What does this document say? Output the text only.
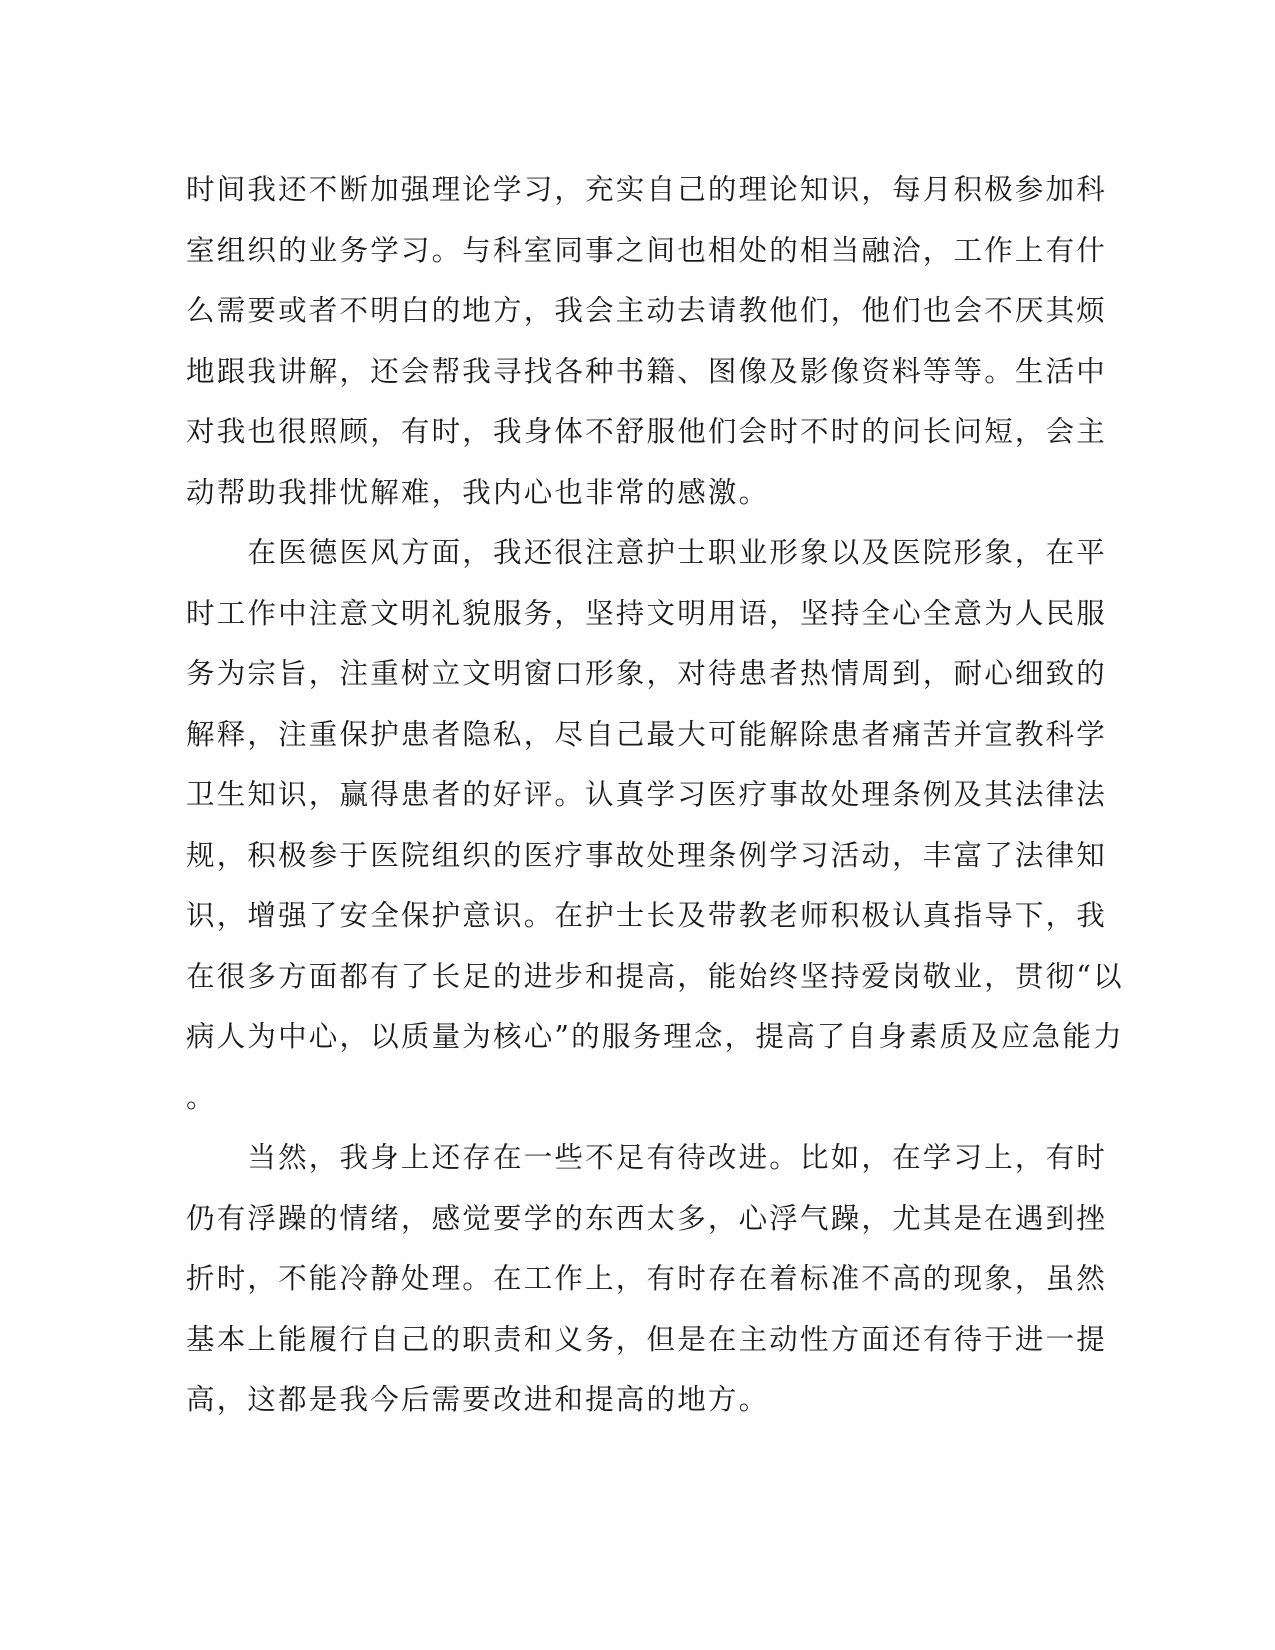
时间我还不断加强理论学习，充实自己的理论知识，每月积极参加科
室组织的业务学习。与科室同事之间也相处的相当融洽，工作上有什
么需要或者不明白的地方，我会主动去请教他们，他们也会不厌其烦
地跟我讲解，还会帮我寻找各种书籍、图像及影像资料等等。生活中
对我也很照顾，有时，我身体不舒服他们会时不时的问长问短，会主
动帮助我排忧解难，我内心也非常的感激。
　　在医德医风方面，我还很注意护士职业形象以及医院形象，在平
时工作中注意文明礼貌服务，坚持文明用语，坚持全心全意为人民服
务为宗旨，注重树立文明窗口形象，对待患者热情周到，耐心细致的
解释，注重保护患者隐私，尽自己最大可能解除患者痛苦并宣教科学
卫生知识，赢得患者的好评。认真学习医疗事故处理条例及其法律法
规，积极参于医院组织的医疗事故处理条例学习活动，丰富了法律知
识，增强了安全保护意识。在护士长及带教老师积极认真指导下，我
在很多方面都有了长足的进步和提高，能始终坚持爱岗敬业，贯彻“以
病人为中心，以质量为核心”的服务理念，提高了自身素质及应急能力
。
　　当然，我身上还存在一些不足有待改进。比如，在学习上，有时
仍有浮躁的情绪，感觉要学的东西太多，心浮气躁，尤其是在遇到挫
折时，不能冷静处理。在工作上，有时存在着标准不高的现象，虽然
基本上能履行自己的职责和义务，但是在主动性方面还有待于进一提
高，这都是我今后需要改进和提高的地方。
